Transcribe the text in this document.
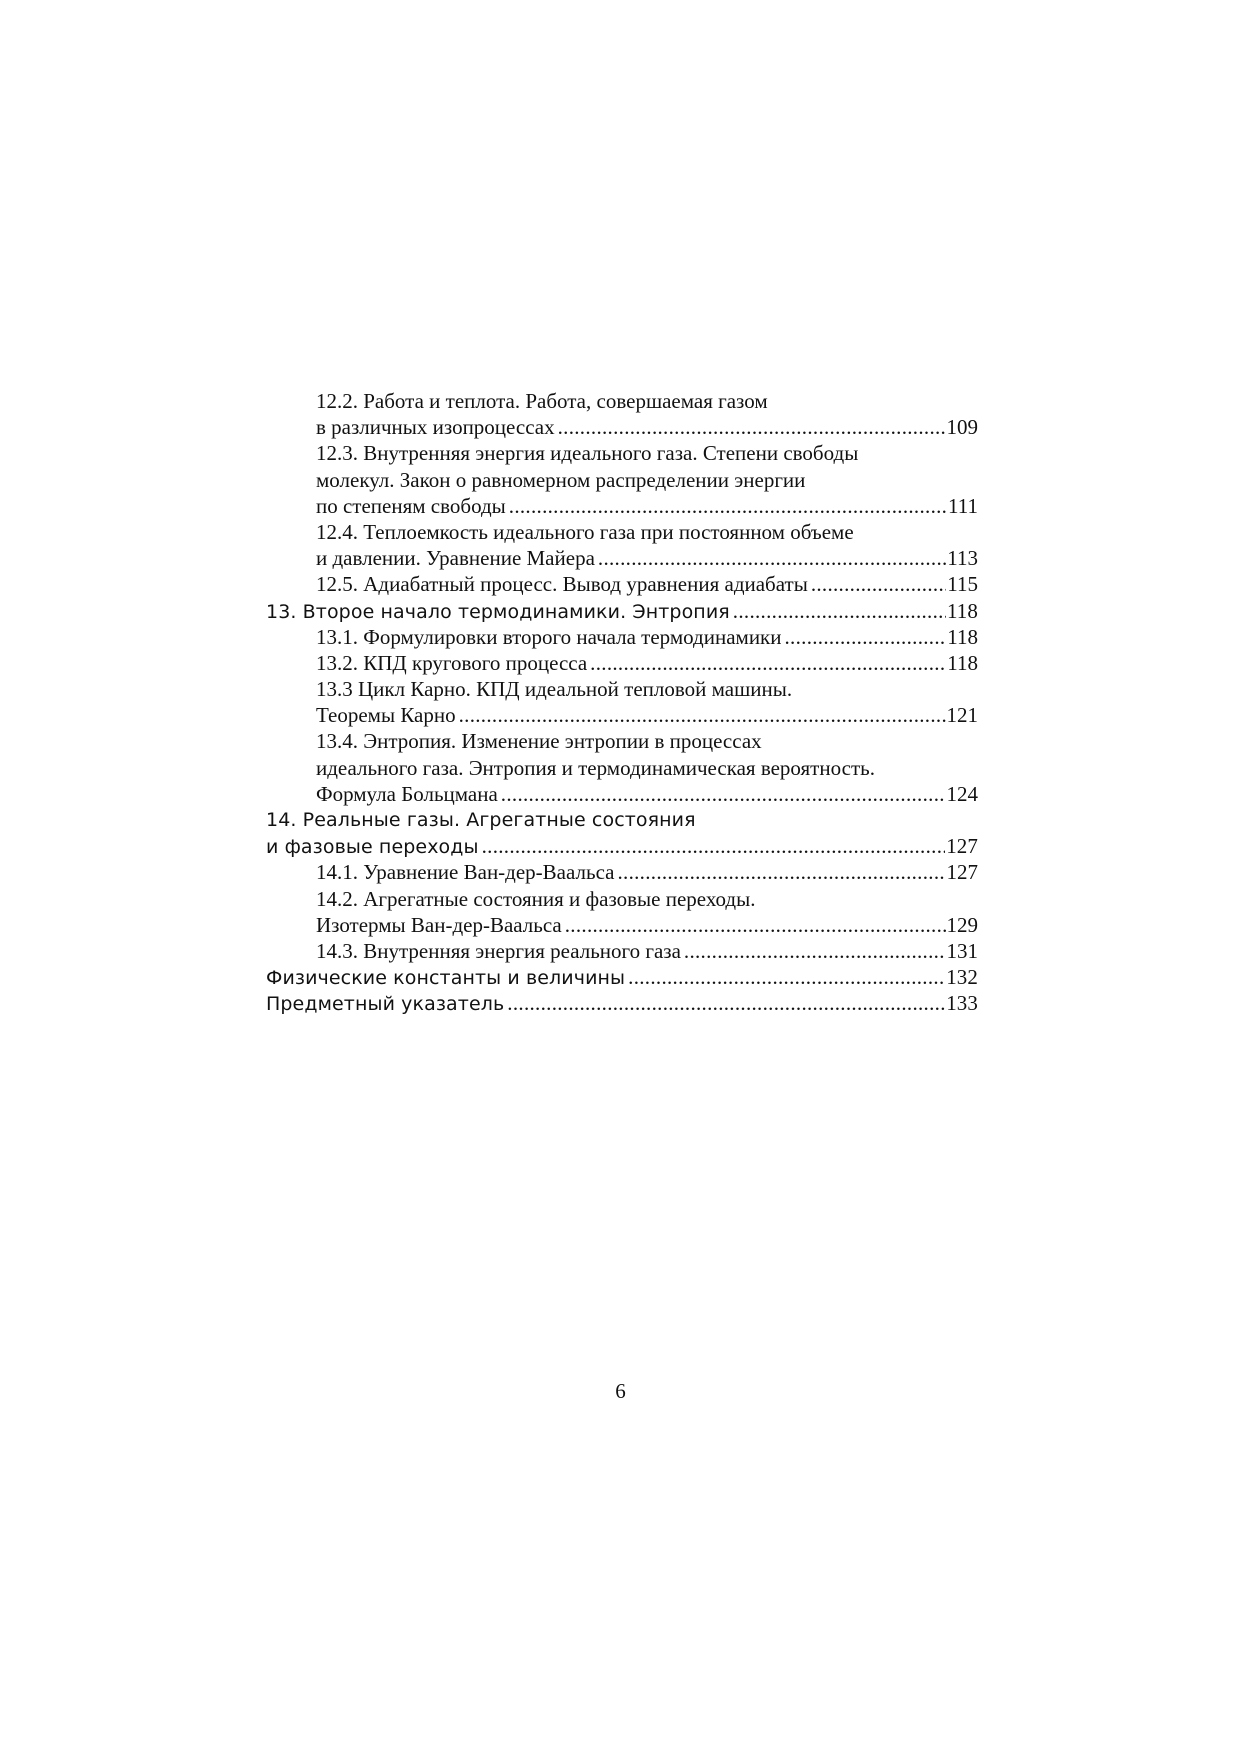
12.2. Работа и теплота. Работа, совершаемая газом
в различных изопроцессах .....	109
12.3. Внутренняя энергия идеального газа. Степени свободы
молекул. Закон о равномерном распределении энергии
по степеням свободы .....	111
12.4. Теплоемкость идеального газа при постоянном объеме
и давлении. Уравнение Майера .....	113
12.5. Адиабатный процесс. Вывод уравнения адиабаты .....	115
13. Второе начало термодинамики. Энтропия .....	118
13.1. Формулировки второго начала термодинамики .....	118
13.2. КПД кругового процесса .....	118
13.3 Цикл Карно. КПД идеальной тепловой машины.
Теоремы Карно .....	121
13.4. Энтропия. Изменение энтропии в процессах
идеального газа. Энтропия и термодинамическая вероятность.
Формула Больцмана .....	124
14. Реальные газы. Агрегатные состояния
и фазовые переходы .....	127
14.1. Уравнение Ван-дер-Ваальса .....	127
14.2. Агрегатные состояния и фазовые переходы.
Изотермы Ван-дер-Ваальса .....	129
14.3. Внутренняя энергия реального газа .....	131
Физические константы и величины .....	132
Предметный указатель .....	133
6
